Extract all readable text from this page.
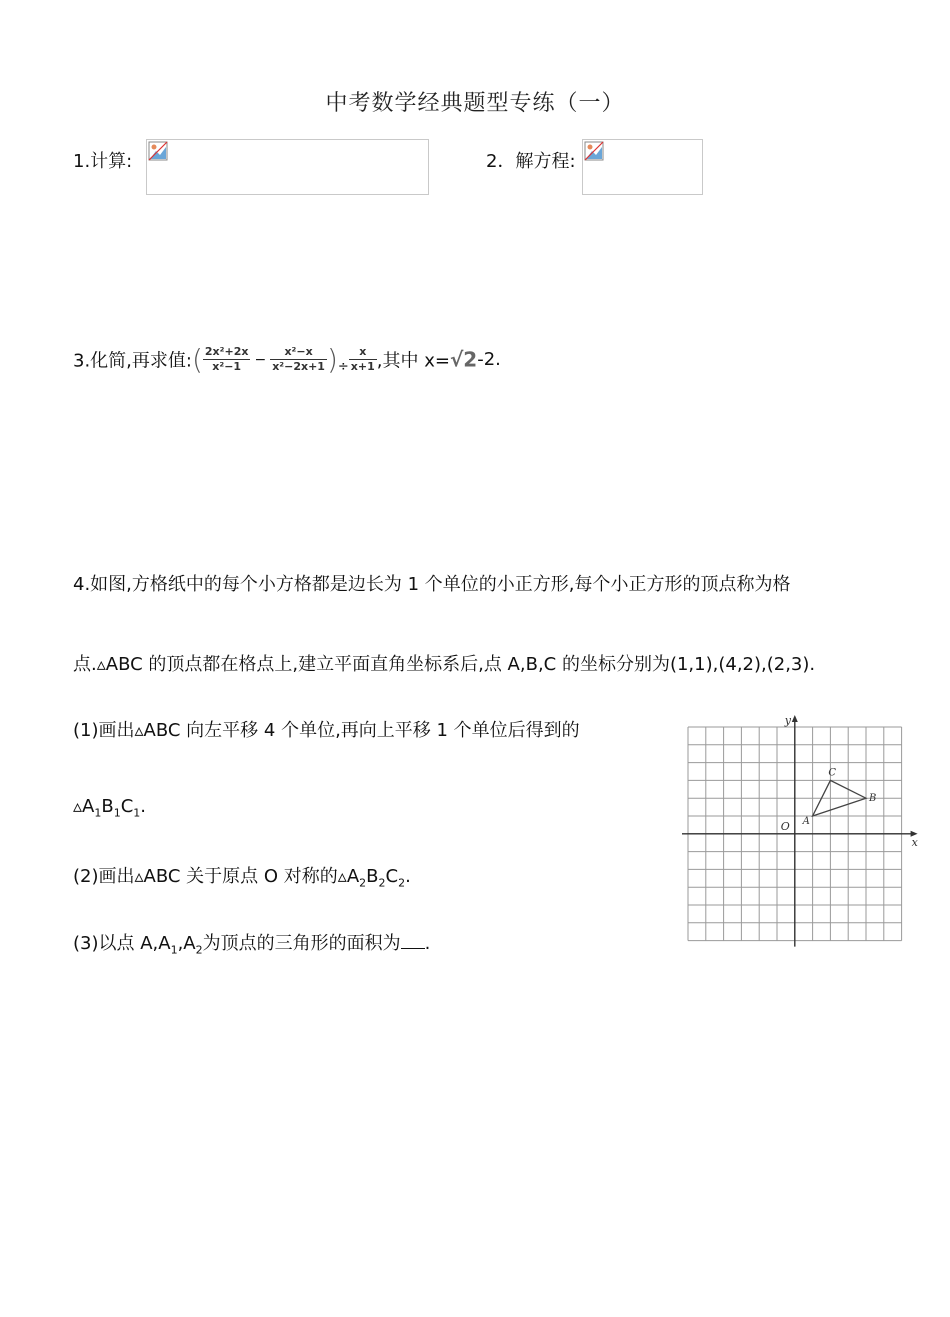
中考数学经典题型专练（一）
1.计算:	2．解方程:
3.化简,再求值:( $\frac{\text{2x²+2x}}{\text{x²−1}} - \frac{\text{x²−x}}{\text{x²−2x+1}} )_\div \frac{x}{x+1}$ ,其中 x=√2-2.
4.如图,方格纸中的每个小方格都是边长为 1 个单位的小正方形,每个小正方形的顶点称为格
点.▵ABC 的顶点都在格点上,建立平面直角坐标系后,点 A,B,C 的坐标分别为(1,1),(4,2),(2,3).
(1)画出▵ABC 向左平移 4 个单位,再向上平移 1 个单位后得到的
$▵A_1B_1C_1$.
(2)画出▵ABC 关于原点 O 对称的$▵A_2B_2C_2$.
(3)以点 $A,A_1,A_2$为顶点的三角形的面积为 .
x
y
O A
B
C
